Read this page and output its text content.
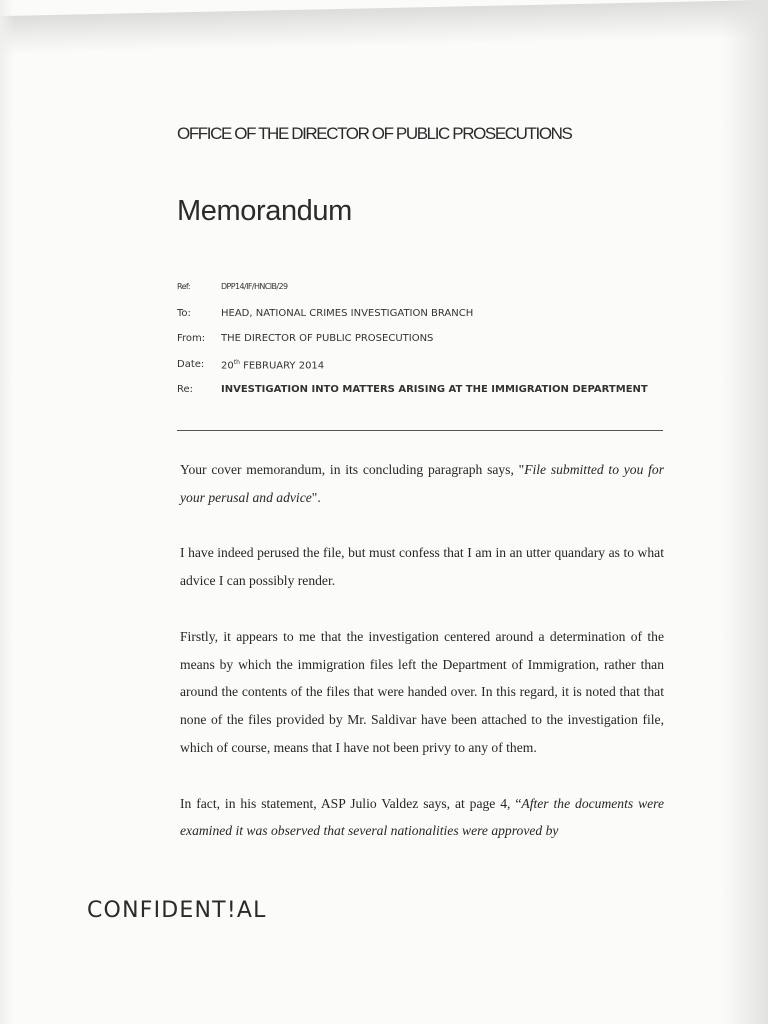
OFFICE OF THE DIRECTOR OF PUBLIC PROSECUTIONS
Memorandum
Ref:	DPP14/IF/HNCIB/29
To:	HEAD, NATIONAL CRIMES INVESTIGATION BRANCH
From:	THE DIRECTOR OF PUBLIC PROSECUTIONS
Date:	20th FEBRUARY 2014
Re:	INVESTIGATION INTO MATTERS ARISING AT THE IMMIGRATION DEPARTMENT

Your cover memorandum, in its concluding paragraph says, "File submitted to you for your perusal and advice".

I have indeed perused the file, but must confess that I am in an utter quandary as to what advice I can possibly render.

Firstly, it appears to me that the investigation centered around a determination of the means by which the immigration files left the Department of Immigration, rather than around the contents of the files that were handed over. In this regard, it is noted that that none of the files provided by Mr. Saldivar have been attached to the investigation file, which of course, means that I have not been privy to any of them.

In fact, in his statement, ASP Julio Valdez says, at page 4, “After the documents were examined it was observed that several nationalities were approved by

CONFIDENT!AL
